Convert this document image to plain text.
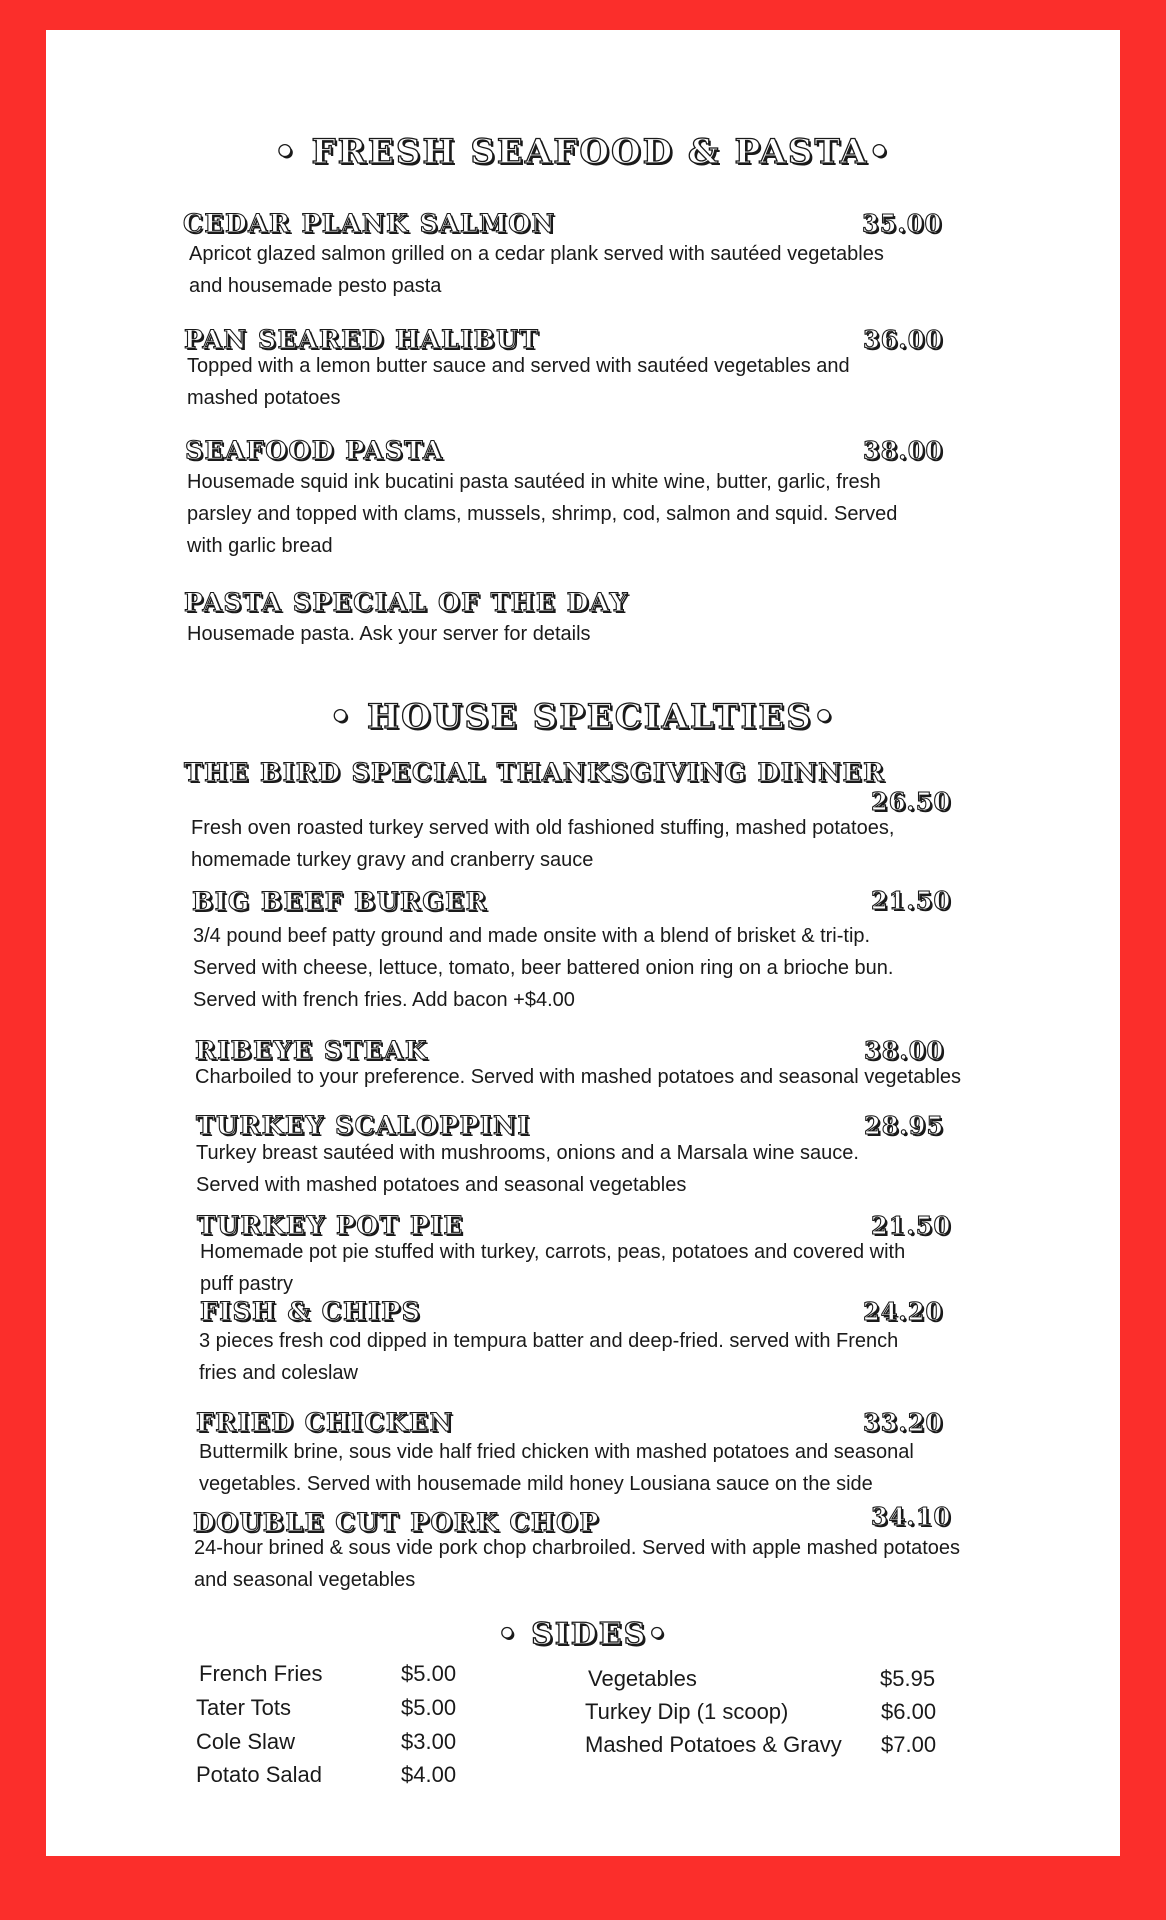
• FRESH SEAFOOD & PASTA•
• HOUSE SPECIALTIES•
• SIDES•
CEDAR PLANK SALMON	35.00
Apricot glazed salmon grilled on a cedar plank served with sautéed vegetables
and housemade pesto pasta
PAN SEARED HALIBUT	36.00
Topped with a lemon butter sauce and served with sautéed vegetables and
mashed potatoes
SEAFOOD PASTA	38.00
Housemade squid ink bucatini pasta sautéed in white wine, butter, garlic, fresh
parsley and topped with clams, mussels, shrimp, cod, salmon and squid. Served
with garlic bread
PASTA SPECIAL OF THE DAY
Housemade pasta. Ask your server for details
THE BIRD SPECIAL THANKSGIVING DINNER
26.50
Fresh oven roasted turkey served with old fashioned stuffing, mashed potatoes,
homemade turkey gravy and cranberry sauce
BIG BEEF BURGER	21.50
3/4 pound beef patty ground and made onsite with a blend of brisket & tri-tip.
Served with cheese, lettuce, tomato, beer battered onion ring on a brioche bun.
Served with french fries. Add bacon +$4.00
RIBEYE STEAK	38.00
Charboiled to your preference. Served with mashed potatoes and seasonal vegetables
TURKEY SCALOPPINI	28.95
Turkey breast sautéed with mushrooms, onions and a Marsala wine sauce.
Served with mashed potatoes and seasonal vegetables
TURKEY POT PIE	21.50
Homemade pot pie stuffed with turkey, carrots, peas, potatoes and covered with
puff pastry
FISH & CHIPS	24.20
3 pieces fresh cod dipped in tempura batter and deep-fried. served with French
fries and coleslaw
FRIED CHICKEN	33.20
Buttermilk brine, sous vide half fried chicken with mashed potatoes and seasonal
vegetables. Served with housemade mild honey Lousiana sauce on the side
DOUBLE CUT PORK CHOP	34.10
24-hour brined & sous vide pork chop charbroiled. Served with apple mashed potatoes
and seasonal vegetables
French Fries	$5.00
Tater Tots	$5.00
Cole Slaw	$3.00
Potato Salad	$4.00
Vegetables	$5.95
Turkey Dip (1 scoop)	$6.00
Mashed Potatoes & Gravy $7.00
